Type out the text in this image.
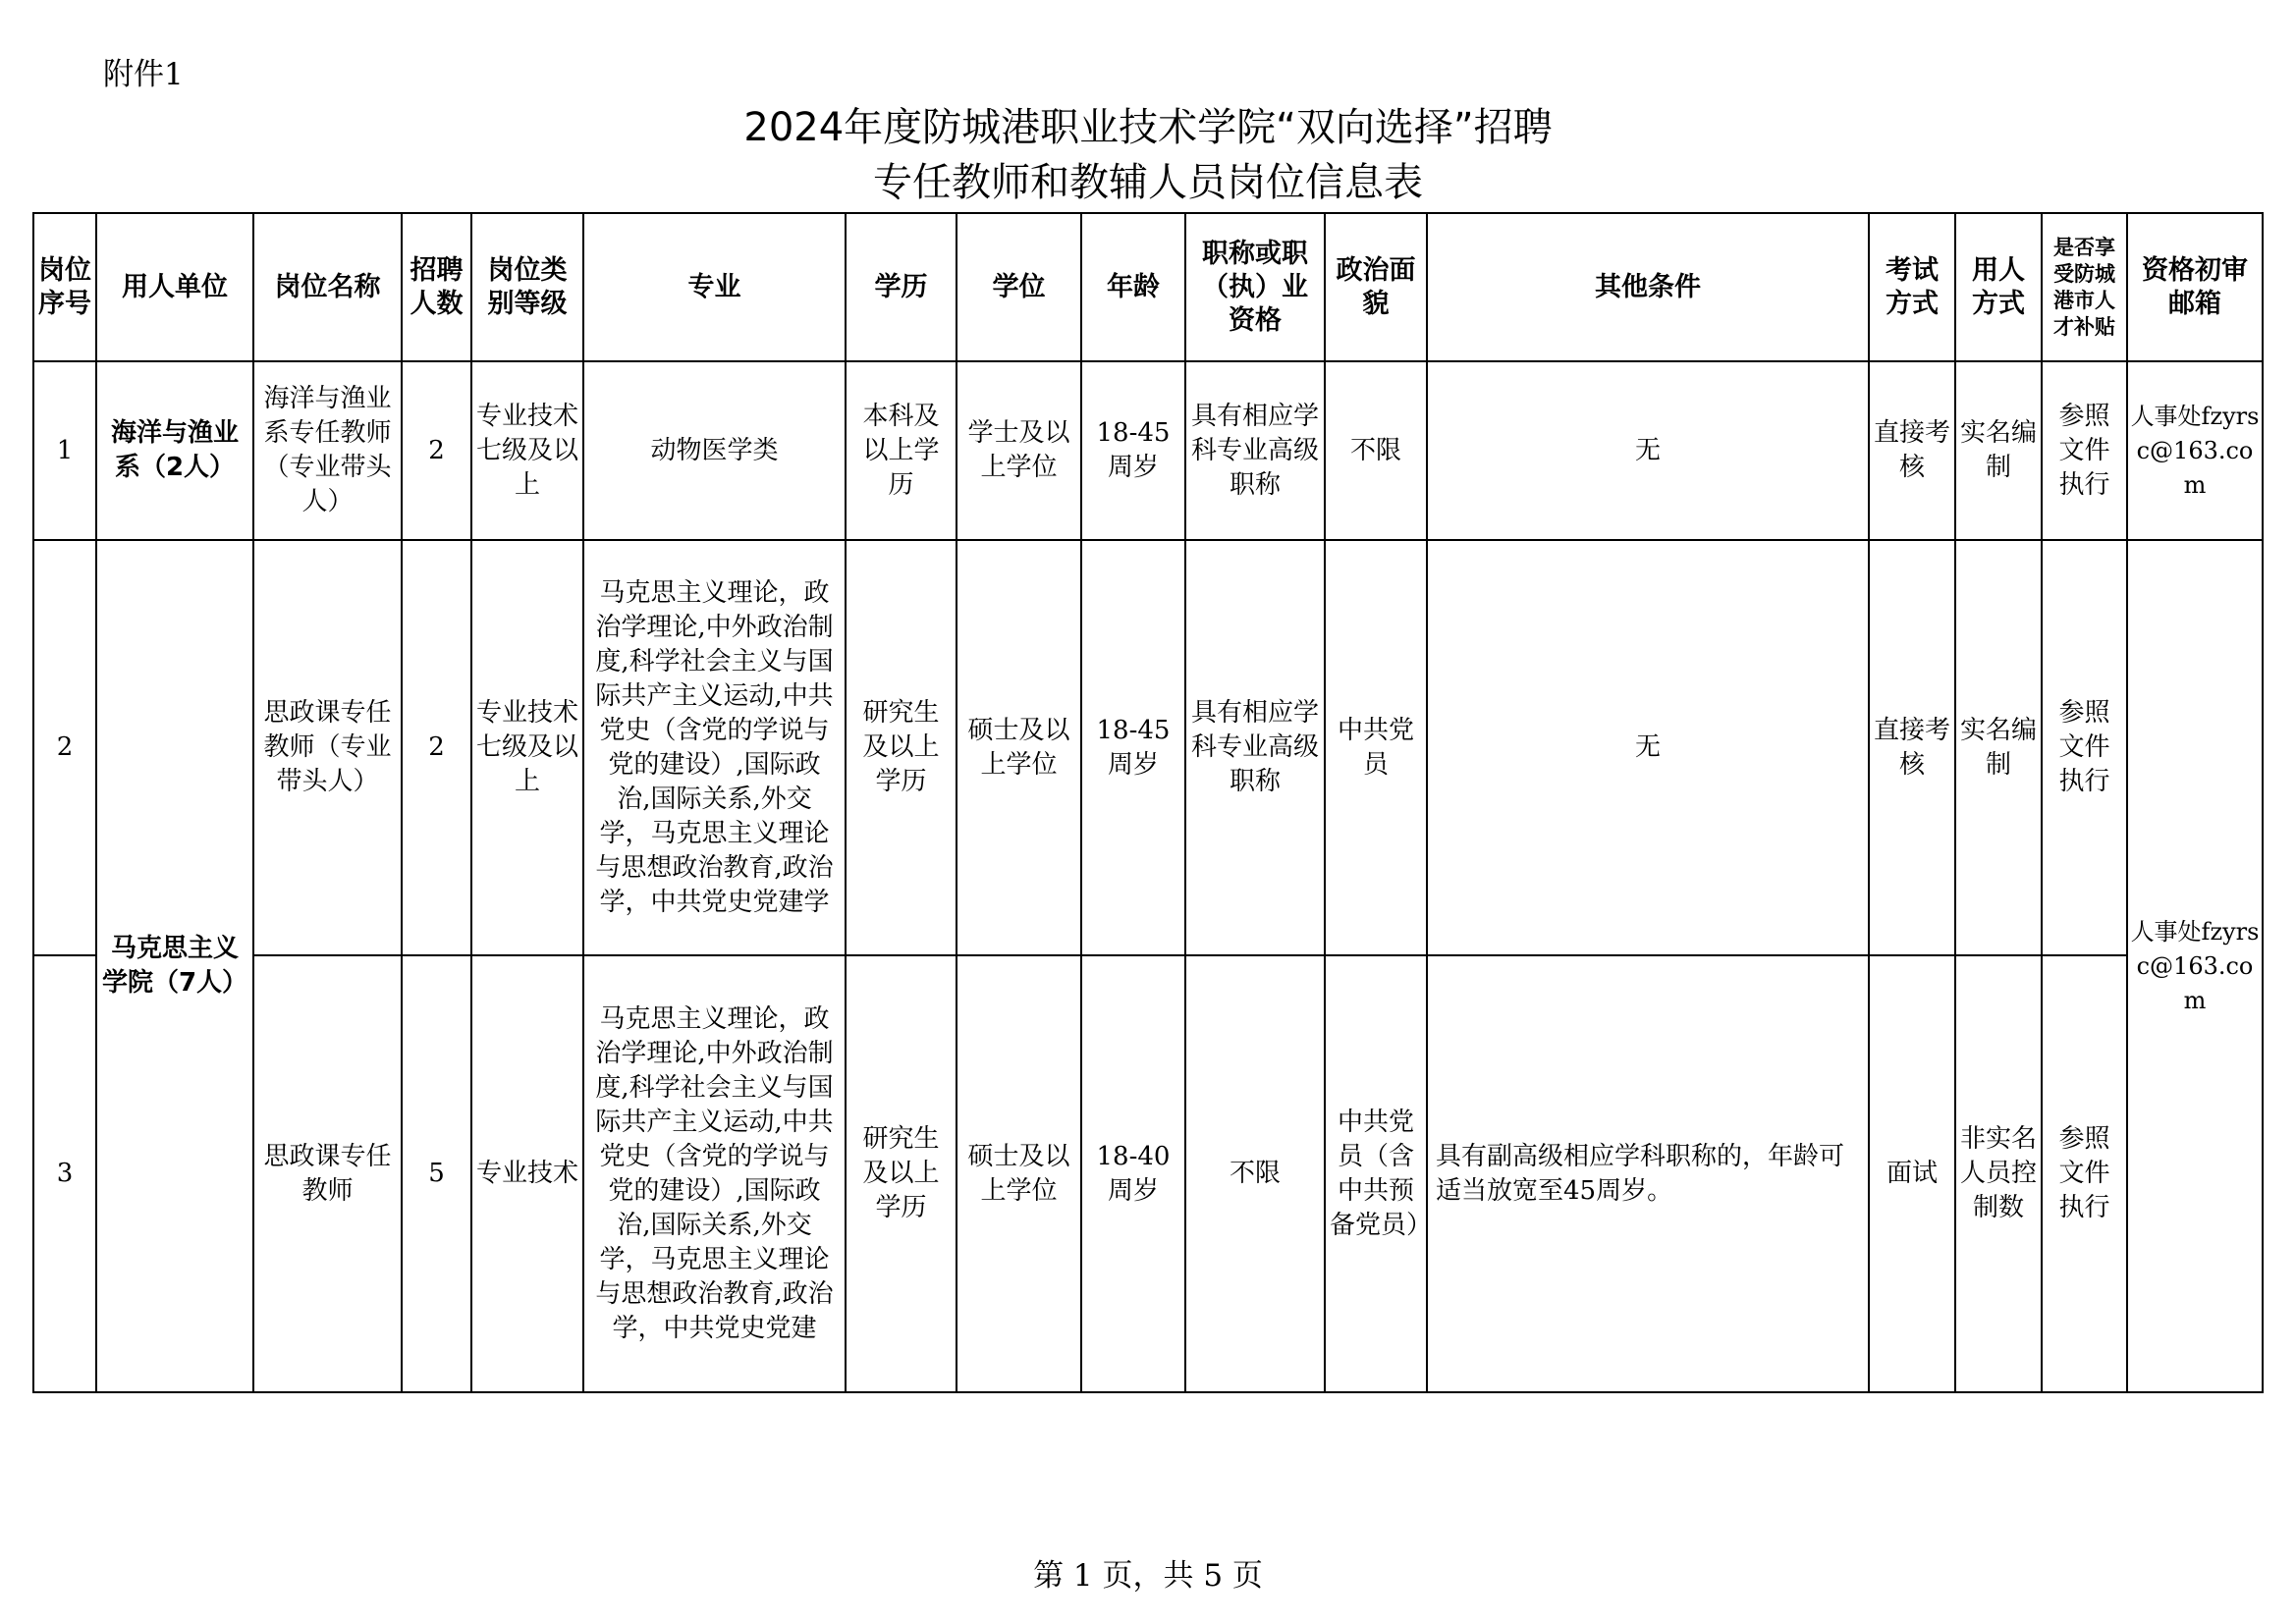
附件1
2024年度防城港职业技术学院“双向选择”招聘
专任教师和教辅人员岗位信息表
岗位序号	用人单位	岗位名称	招聘人数	岗位类别等级	专业	学历	学位	年龄	职称或职（执）业资格	政治面貌	其他条件	考试方式	用人方式	是否享受防城港市人才补贴	资格初审邮箱
1	海洋与渔业系（2人）	海洋与渔业系专任教师（专业带头人）	2	专业技术七级及以上	动物医学类	本科及以上学历	学士及以上学位	18-45周岁	具有相应学科专业高级职称	不限	无	直接考核	实名编制	参照文件执行	人事处fzyrsc@163.com
2	马克思主义学院（7人）	思政课专任教师（专业带头人）	2	专业技术七级及以上	马克思主义理论，政治学理论,中外政治制度,科学社会主义与国际共产主义运动,中共党史（含党的学说与党的建设）,国际政治,国际关系,外交学，马克思主义理论与思想政治教育,政治学，中共党史党建学	研究生及以上学历	硕士及以上学位	18-45周岁	具有相应学科专业高级职称	中共党员	无	直接考核	实名编制	参照文件执行	人事处fzyrsc@163.com
3		思政课专任教师	5	专业技术	马克思主义理论，政治学理论,中外政治制度,科学社会主义与国际共产主义运动,中共党史（含党的学说与党的建设）,国际政治,国际关系,外交学，马克思主义理论与思想政治教育,政治学，中共党史党建	研究生及以上学历	硕士及以上学位	18-40周岁	不限	中共党员（含中共预备党员）	具有副高级相应学科职称的，年龄可适当放宽至45周岁。	面试	非实名人员控制数	参照文件执行	
第 1 页，共 5 页
